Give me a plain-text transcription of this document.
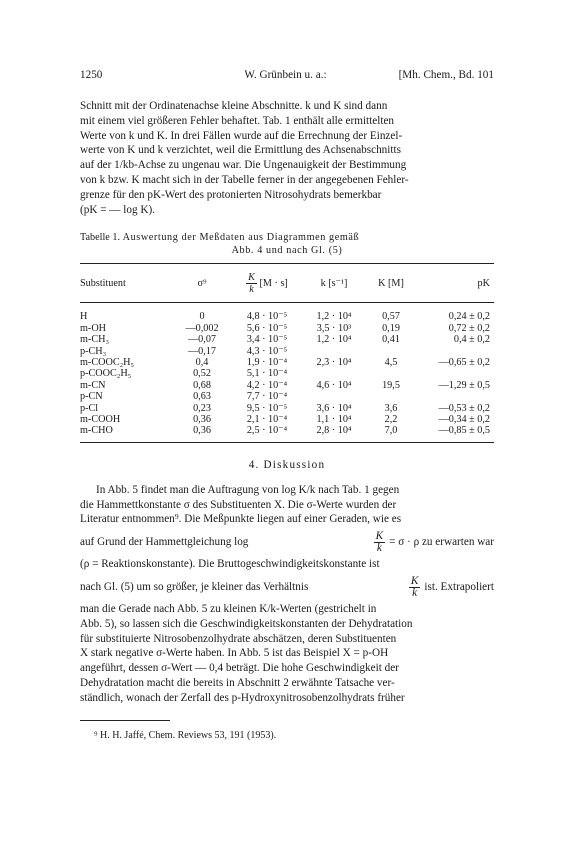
1250	W. Grünbein u. a.:	[Mh. Chem., Bd. 101

Schnitt mit der Ordinatenachse kleine Abschnitte. k und K sind dann

mit einem viel größeren Fehler behaftet. Tab. 1 enthält alle ermittelten

Werte von k und K. In drei Fällen wurde auf die Errechnung der Einzel-

werte von K und k verzichtet, weil die Ermittlung des Achsenabschnitts

auf der 1/kb-Achse zu ungenau war. Die Ungenauigkeit der Bestimmung

von k bzw. K macht sich in der Tabelle ferner in der angegebenen Fehler-

grenze für den pK-Wert des protonierten Nitrosohydrats bemerkbar

(pK = — log K).

Tabelle 1. Auswertung der Meßdaten aus Diagrammen gemäß
Abb. 4 und nach Gl. (5)
Substituent	σ⁹	$\frac{K}{k} [M \cdot s]$	k [s⁻¹]	K [M]	pK
H	0	4,8 · 10⁻⁵	1,2 · 10⁴	0,57	0,24 ± 0,2
m-OH	—0,002	5,6 · 10⁻⁵	3,5 · 10³	0,19	0,72 ± 0,2
m-CH₃	—0,07	3,4 · 10⁻⁵	1,2 · 10⁴	0,41	0,4 ± 0,2
p-CH₃	—0,17	4,3 · 10⁻⁵			
m-COOC₂H₅	0,4	1,9 · 10⁻⁴	2,3 · 10⁴	4,5	—0,65 ± 0,2
p-COOC₂H₅	0,52	5,1 · 10⁻⁴			
m-CN	0,68	4,2 · 10⁻⁴	4,6 · 10⁴	19,5	—1,29 ± 0,5
p-CN	0,63	7,7 · 10⁻⁴			
p-Cl	0,23	9,5 · 10⁻⁵	3,6 · 10⁴	3,6	—0,53 ± 0,2
m-COOH	0,36	2,1 · 10⁻⁴	1,1 · 10⁴	2,2	—0,34 ± 0,2
m-CHO	0,36	2,5 · 10⁻⁴	2,8 · 10⁴	7,0	—0,85 ± 0,5
4. Diskussion

In Abb. 5 findet man die Auftragung von log K/k nach Tab. 1 gegen

die Hammettkonstante σ des Substituenten X. Die σ-Werte wurden der

Literatur entnommen⁹. Die Meßpunkte liegen auf einer Geraden, wie es

auf Grund der Hammettgleichung log	$\frac{K}{k} = \sigma \cdot \rho$ zu erwarten war

(ρ = Reaktionskonstante). Die Bruttogeschwindigkeitskonstante ist

nach Gl. (5) um so größer, je kleiner das Verhältnis	$\frac{K}{k}$ ist. Extrapoliert

man die Gerade nach Abb. 5 zu kleinen K/k-Werten (gestrichelt in

Abb. 5), so lassen sich die Geschwindigkeitskonstanten der Dehydratation

für substituierte Nitrosobenzolhydrate abschätzen, deren Substituenten

X stark negative σ-Werte haben. In Abb. 5 ist das Beispiel X = p-OH

angeführt, dessen σ-Wert — 0,4 beträgt. Die hohe Geschwindigkeit der

Dehydratation macht die bereits in Abschnitt 2 erwähnte Tatsache ver-

ständlich, wonach der Zerfall des p-Hydroxynitrosobenzolhydrats früher

⁹ H. H. Jaffé, Chem. Reviews 53, 191 (1953).
